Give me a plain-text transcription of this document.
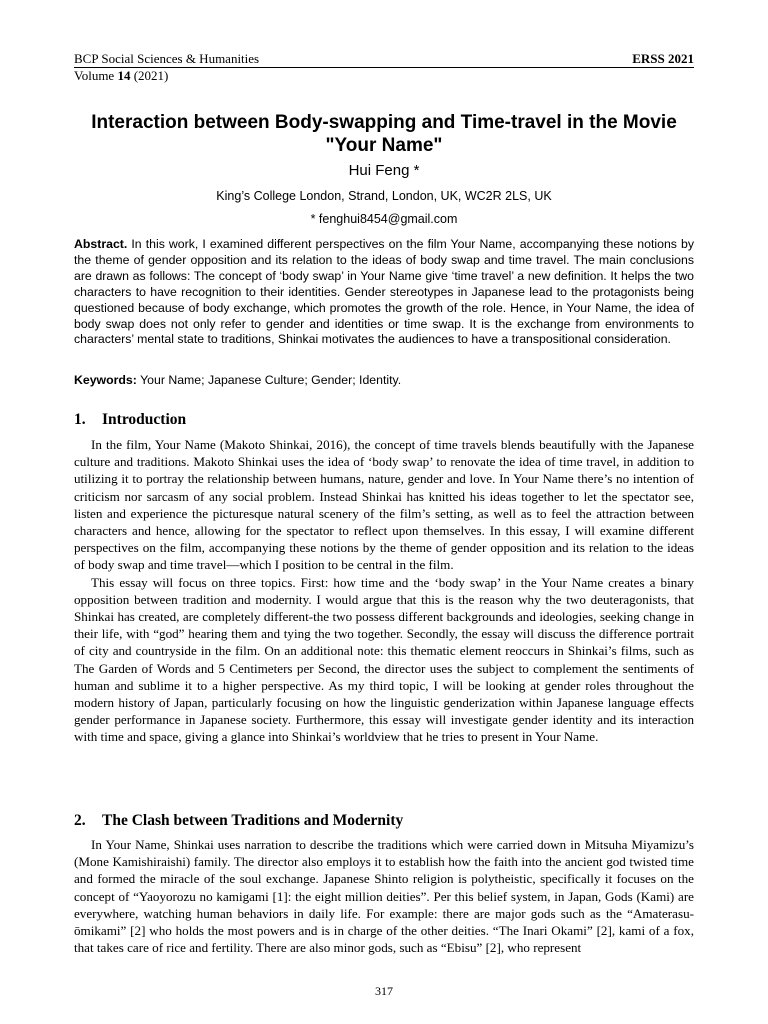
BCP Social Sciences & Humanities	ERSS 2021
Volume 14 (2021)
Interaction between Body-swapping and Time-travel in the Movie "Your Name"
Hui Feng *
King’s College London, Strand, London, UK, WC2R 2LS, UK
* fenghui8454@gmail.com

Abstract. In this work, I examined different perspectives on the film Your Name, accompanying these notions by the theme of gender opposition and its relation to the ideas of body swap and time travel. The main conclusions are drawn as follows: The concept of ‘body swap’ in Your Name give ‘time travel’ a new definition. It helps the two characters to have recognition to their identities. Gender stereotypes in Japanese lead to the protagonists being questioned because of body exchange, which promotes the growth of the role. Hence, in Your Name, the idea of body swap does not only refer to gender and identities or time swap. It is the exchange from environments to characters’ mental state to traditions, Shinkai motivates the audiences to have a transpositional consideration.

Keywords: Your Name; Japanese Culture; Gender; Identity.

1. Introduction

In the film, Your Name (Makoto Shinkai, 2016), the concept of time travels blends beautifully with the Japanese culture and traditions. Makoto Shinkai uses the idea of ‘body swap’ to renovate the idea of time travel, in addition to utilizing it to portray the relationship between humans, nature, gender and love. In Your Name there’s no intention of criticism nor sarcasm of any social problem. Instead Shinkai has knitted his ideas together to let the spectator see, listen and experience the picturesque natural scenery of the film’s setting, as well as to feel the attraction between characters and hence, allowing for the spectator to reflect upon themselves. In this essay, I will examine different perspectives on the film, accompanying these notions by the theme of gender opposition and its relation to the ideas of body swap and time travel—which I position to be central in the film.

This essay will focus on three topics. First: how time and the ‘body swap’ in the Your Name creates a binary opposition between tradition and modernity. I would argue that this is the reason why the two deuteragonists, that Shinkai has created, are completely different-the two possess different backgrounds and ideologies, seeking change in their life, with “god” hearing them and tying the two together. Secondly, the essay will discuss the difference portrait of city and countryside in the film. On an additional note: this thematic element reoccurs in Shinkai’s films, such as The Garden of Words and 5 Centimeters per Second, the director uses the subject to complement the sentiments of human and sublime it to a higher perspective. As my third topic, I will be looking at gender roles throughout the modern history of Japan, particularly focusing on how the linguistic genderization within Japanese language effects gender performance in Japanese society. Furthermore, this essay will investigate gender identity and its interaction with time and space, giving a glance into Shinkai’s worldview that he tries to present in Your Name.

2. The Clash between Traditions and Modernity

In Your Name, Shinkai uses narration to describe the traditions which were carried down in Mitsuha Miyamizu’s (Mone Kamishiraishi) family. The director also employs it to establish how the faith into the ancient god twisted time and formed the miracle of the soul exchange. Japanese Shinto religion is polytheistic, specifically it focuses on the concept of “Yaoyorozu no kamigami [1]: the eight million deities”. Per this belief system, in Japan, Gods (Kami) are everywhere, watching human behaviors in daily life. For example: there are major gods such as the “Amaterasu-ōmikami” [2] who holds the most powers and is in charge of the other deities. “The Inari Okami” [2], kami of a fox, that takes care of rice and fertility. There are also minor gods, such as “Ebisu” [2], who represent

317
